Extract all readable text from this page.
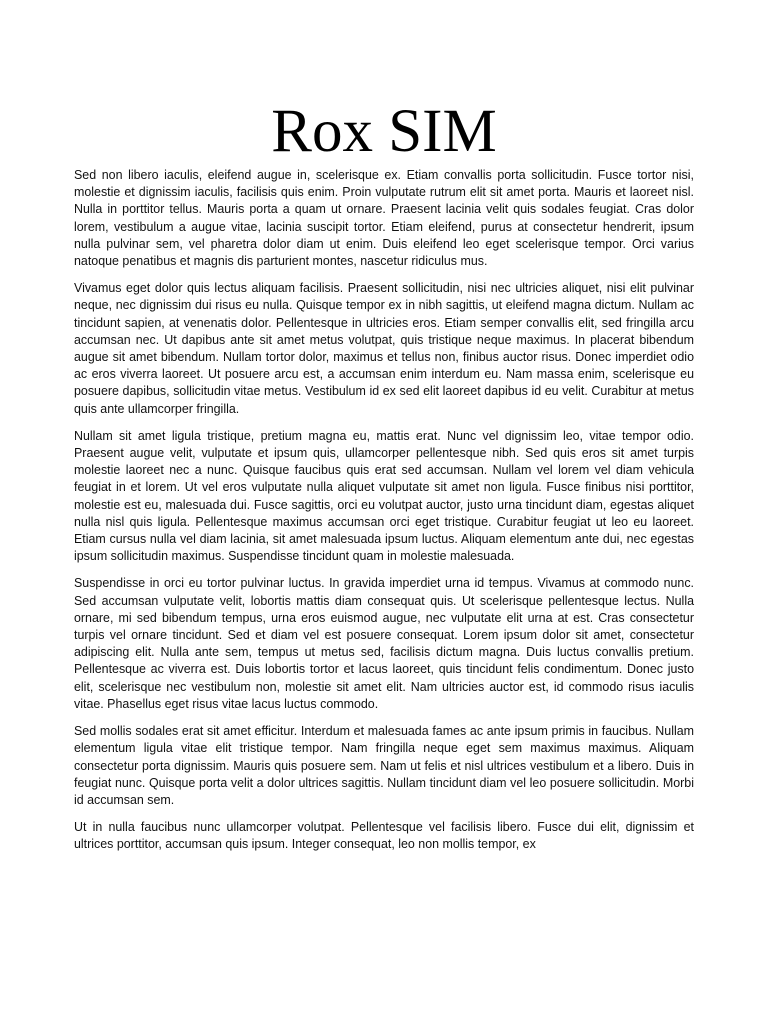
Rox SIM

Sed non libero iaculis, eleifend augue in, scelerisque ex. Etiam convallis porta sollicitudin. Fusce tortor nisi, molestie et dignissim iaculis, facilisis quis enim. Proin vulputate rutrum elit sit amet porta. Mauris et laoreet nisl. Nulla in porttitor tellus. Mauris porta a quam ut ornare. Praesent lacinia velit quis sodales feugiat. Cras dolor lorem, vestibulum a augue vitae, lacinia suscipit tortor. Etiam eleifend, purus at consectetur hendrerit, ipsum nulla pulvinar sem, vel pharetra dolor diam ut enim. Duis eleifend leo eget scelerisque tempor. Orci varius natoque penatibus et magnis dis parturient montes, nascetur ridiculus mus.

Vivamus eget dolor quis lectus aliquam facilisis. Praesent sollicitudin, nisi nec ultricies aliquet, nisi elit pulvinar neque, nec dignissim dui risus eu nulla. Quisque tempor ex in nibh sagittis, ut eleifend magna dictum. Nullam ac tincidunt sapien, at venenatis dolor. Pellentesque in ultricies eros. Etiam semper convallis elit, sed fringilla arcu accumsan nec. Ut dapibus ante sit amet metus volutpat, quis tristique neque maximus. In placerat bibendum augue sit amet bibendum. Nullam tortor dolor, maximus et tellus non, finibus auctor risus. Donec imperdiet odio ac eros viverra laoreet. Ut posuere arcu est, a accumsan enim interdum eu. Nam massa enim, scelerisque eu posuere dapibus, sollicitudin vitae metus. Vestibulum id ex sed elit laoreet dapibus id eu velit. Curabitur at metus quis ante ullamcorper fringilla.

Nullam sit amet ligula tristique, pretium magna eu, mattis erat. Nunc vel dignissim leo, vitae tempor odio. Praesent augue velit, vulputate et ipsum quis, ullamcorper pellentesque nibh. Sed quis eros sit amet turpis molestie laoreet nec a nunc. Quisque faucibus quis erat sed accumsan. Nullam vel lorem vel diam vehicula feugiat in et lorem. Ut vel eros vulputate nulla aliquet vulputate sit amet non ligula. Fusce finibus nisi porttitor, molestie est eu, malesuada dui. Fusce sagittis, orci eu volutpat auctor, justo urna tincidunt diam, egestas aliquet nulla nisl quis ligula. Pellentesque maximus accumsan orci eget tristique. Curabitur feugiat ut leo eu laoreet. Etiam cursus nulla vel diam lacinia, sit amet malesuada ipsum luctus. Aliquam elementum ante dui, nec egestas ipsum sollicitudin maximus. Suspendisse tincidunt quam in molestie malesuada.

Suspendisse in orci eu tortor pulvinar luctus. In gravida imperdiet urna id tempus. Vivamus at commodo nunc. Sed accumsan vulputate velit, lobortis mattis diam consequat quis. Ut scelerisque pellentesque lectus. Nulla ornare, mi sed bibendum tempus, urna eros euismod augue, nec vulputate elit urna at est. Cras consectetur turpis vel ornare tincidunt. Sed et diam vel est posuere consequat. Lorem ipsum dolor sit amet, consectetur adipiscing elit. Nulla ante sem, tempus ut metus sed, facilisis dictum magna. Duis luctus convallis pretium. Pellentesque ac viverra est. Duis lobortis tortor et lacus laoreet, quis tincidunt felis condimentum. Donec justo elit, scelerisque nec vestibulum non, molestie sit amet elit. Nam ultricies auctor est, id commodo risus iaculis vitae. Phasellus eget risus vitae lacus luctus commodo.

Sed mollis sodales erat sit amet efficitur. Interdum et malesuada fames ac ante ipsum primis in faucibus. Nullam elementum ligula vitae elit tristique tempor. Nam fringilla neque eget sem maximus maximus. Aliquam consectetur porta dignissim. Mauris quis posuere sem. Nam ut felis et nisl ultrices vestibulum et a libero. Duis in feugiat nunc. Quisque porta velit a dolor ultrices sagittis. Nullam tincidunt diam vel leo posuere sollicitudin. Morbi id accumsan sem.

Ut in nulla faucibus nunc ullamcorper volutpat. Pellentesque vel facilisis libero. Fusce dui elit, dignissim et ultrices porttitor, accumsan quis ipsum. Integer consequat, leo non mollis tempor, ex
